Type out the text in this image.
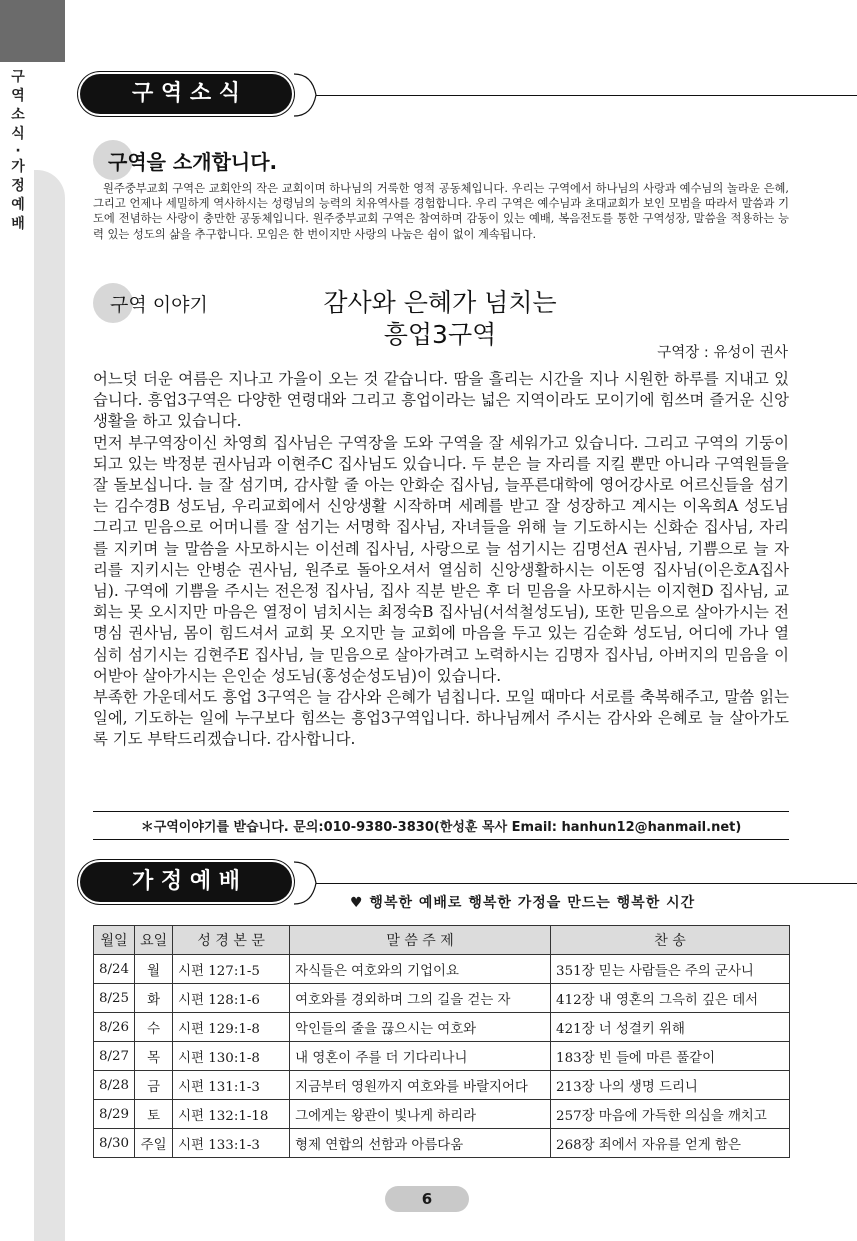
구역소식
·
가정예배
구 역 소 식
구역을 소개합니다.
원주중부교회 구역은 교회안의 작은 교회이며 하나님의 거룩한 영적 공동체입니다. 우리는 구역에서 하나님의 사랑과 예수님의 놀라운 은혜, 그리고 언제나 세밀하게 역사하시는 성령님의 능력의 치유역사를 경험합니다. 우리 구역은 예수님과 초대교회가 보인 모범을 따라서 말씀과 기도에 전념하는 사랑이 충만한 공동체입니다. 원주중부교회 구역은 참여하며 감동이 있는 예배, 복음전도를 통한 구역성장, 말씀을 적용하는 능력 있는 성도의 삶을 추구합니다. 모임은 한 번이지만 사랑의 나눔은 쉼이 없이 계속됩니다.
구역 이야기	감사와 은혜가 넘치는
흥업3구역
구역장 : 유성이 권사
어느덧 더운 여름은 지나고 가을이 오는 것 같습니다. 땀을 흘리는 시간을 지나 시원한 하루를 지내고 있습니다. 흥업3구역은 다양한 연령대와 그리고 흥업이라는 넓은 지역이라도 모이기에 힘쓰며 즐거운 신앙생활을 하고 있습니다.
먼저 부구역장이신 차영희 집사님은 구역장을 도와 구역을 잘 세워가고 있습니다. 그리고 구역의 기둥이 되고 있는 박정분 권사님과 이현주C 집사님도 있습니다. 두 분은 늘 자리를 지킬 뿐만 아니라 구역원들을 잘 돌보십니다. 늘 잘 섬기며, 감사할 줄 아는 안화순 집사님, 늘푸른대학에 영어강사로 어르신들을 섬기는 김수경B 성도님, 우리교회에서 신앙생활 시작하며 세례를 받고 잘 성장하고 계시는 이옥희A 성도님 그리고 믿음으로 어머니를 잘 섬기는 서명학 집사님, 자녀들을 위해 늘 기도하시는 신화순 집사님, 자리를 지키며 늘 말씀을 사모하시는 이선례 집사님, 사랑으로 늘 섬기시는 김명선A 권사님, 기쁨으로 늘 자리를 지키시는 안병순 권사님, 원주로 돌아오셔서 열심히 신앙생활하시는 이돈영 집사님(이은호A집사님). 구역에 기쁨을 주시는 전은정 집사님, 집사 직분 받은 후 더 믿음을 사모하시는 이지현D 집사님, 교회는 못 오시지만 마음은 열정이 넘치시는 최정숙B 집사님(서석철성도님), 또한 믿음으로 살아가시는 전명심 권사님, 몸이 힘드셔서 교회 못 오지만 늘 교회에 마음을 두고 있는 김순화 성도님, 어디에 가나 열심히 섬기시는 김현주E 집사님, 늘 믿음으로 살아가려고 노력하시는 김명자 집사님, 아버지의 믿음을 이어받아 살아가시는 은인순 성도님(홍성순성도님)이 있습니다.
부족한 가운데서도 흥업 3구역은 늘 감사와 은혜가 넘칩니다. 모일 때마다 서로를 축복해주고, 말씀 읽는 일에, 기도하는 일에 누구보다 힘쓰는 흥업3구역입니다. 하나님께서 주시는 감사와 은혜로 늘 살아가도록 기도 부탁드리겠습니다. 감사합니다.
＊구역이야기를 받습니다. 문의:010-9380-3830(한성훈 목사 Email: hanhun12@hanmail.net)
가 정 예 배
♥ 행복한 예배로 행복한 가정을 만드는 행복한 시간
월일	요일	성 경 본 문	말 씀 주 제	찬 송
8/24	월	시편 127:1-5	자식들은 여호와의 기업이요	351장 믿는 사람들은 주의 군사니
8/25	화	시편 128:1-6	여호와를 경외하며 그의 길을 걷는 자	412장 내 영혼의 그윽히 깊은 데서
8/26	수	시편 129:1-8	악인들의 줄을 끊으시는 여호와	421장 너 성결키 위해
8/27	목	시편 130:1-8	내 영혼이 주를 더 기다리나니	183장 빈 들에 마른 풀같이
8/28	금	시편 131:1-3	지금부터 영원까지 여호와를 바랄지어다	213장 나의 생명 드리니
8/29	토	시편 132:1-18	그에게는 왕관이 빛나게 하리라	257장 마음에 가득한 의심을 깨치고
8/30	주일	시편 133:1-3	형제 연합의 선함과 아름다움	268장 죄에서 자유를 얻게 함은
6
